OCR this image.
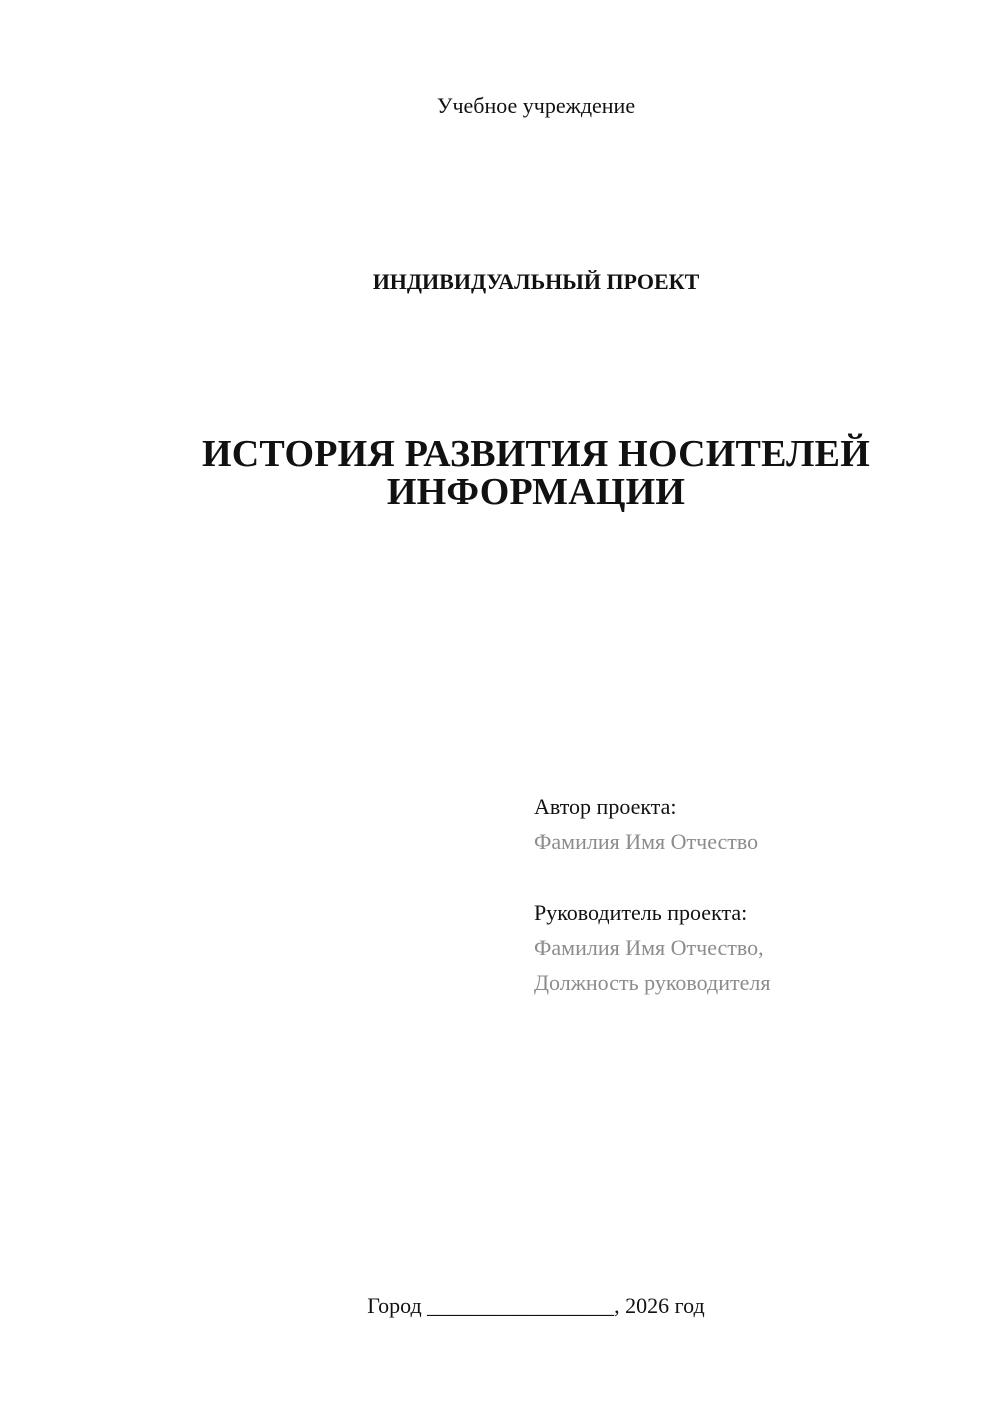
Учебное учреждение
ИНДИВИДУАЛЬНЫЙ ПРОЕКТ
ИСТОРИЯ РАЗВИТИЯ НОСИТЕЛЕЙ
ИНФОРМАЦИИ
Автор проекта:
Фамилия Имя Отчество
Руководитель проекта:
Фамилия Имя Отчество,
Должность руководителя
Город _________________, 2026 год
